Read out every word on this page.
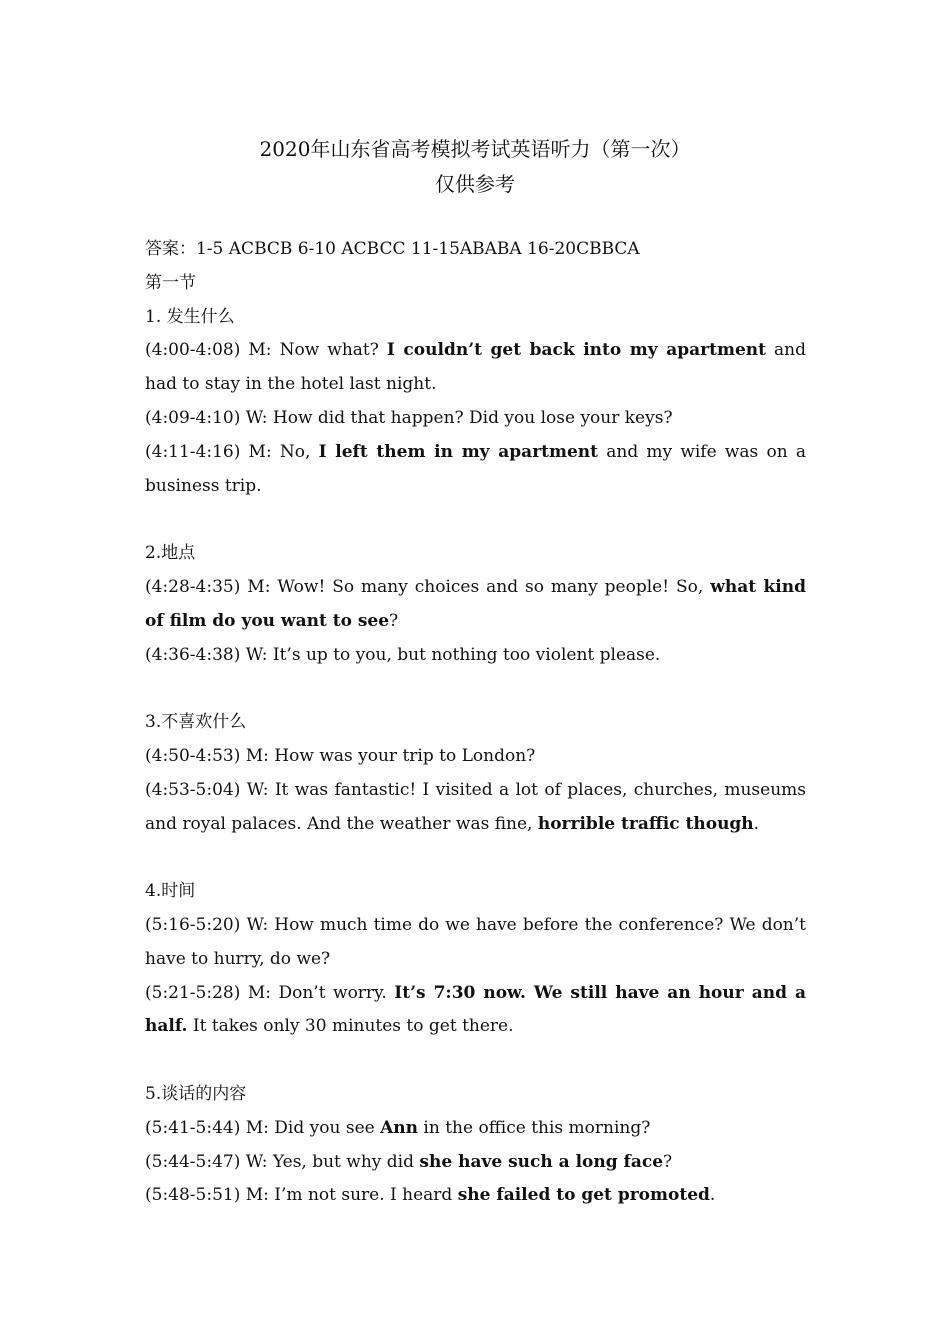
2020年山东省高考模拟考试英语听力（第一次）
仅供参考
答案：1-5 ACBCB 6-10 ACBCC 11-15ABABA 16-20CBBCA
第一节
1. 发生什么
(4:00-4:08) M: Now what? I couldn’t get back into my apartment and had to stay in the hotel last night.
(4:09-4:10) W: How did that happen? Did you lose your keys?
(4:11-4:16) M: No, I left them in my apartment and my wife was on a business trip.
2.地点
(4:28-4:35) M: Wow! So many choices and so many people! So, what kind of film do you want to see?
(4:36-4:38) W: It’s up to you, but nothing too violent please.
3.不喜欢什么
(4:50-4:53) M: How was your trip to London?
(4:53-5:04) W: It was fantastic! I visited a lot of places, churches, museums and royal palaces. And the weather was fine, horrible traffic though.
4.时间
(5:16-5:20) W: How much time do we have before the conference? We don’t have to hurry, do we?
(5:21-5:28) M: Don’t worry. It’s 7:30 now. We still have an hour and a half. It takes only 30 minutes to get there.
5.谈话的内容
(5:41-5:44) M: Did you see Ann in the office this morning?
(5:44-5:47) W: Yes, but why did she have such a long face?
(5:48-5:51) M: I’m not sure. I heard she failed to get promoted.
